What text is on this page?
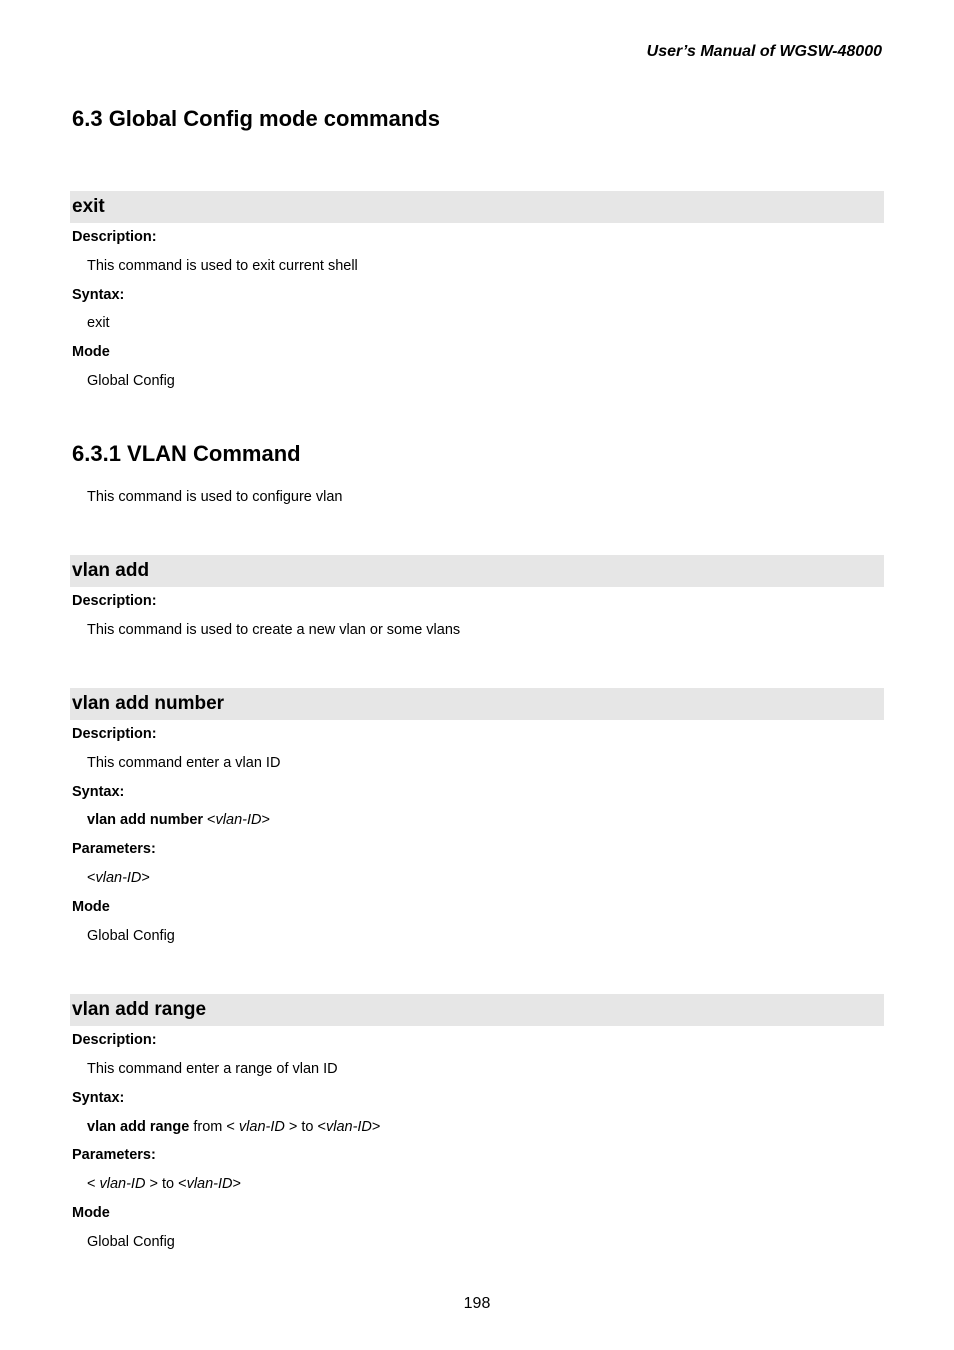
User’s Manual of WGSW-48000

6.3 Global Config mode commands
exit

Description:

This command is used to exit current shell

Syntax:

exit

Mode

Global Config

6.3.1 VLAN Command

This command is used to configure vlan

vlan add

Description:

This command is used to create a new vlan or some vlans

vlan add number

Description:

This command enter a vlan ID

Syntax:

vlan add number <vlan-ID>

Parameters:

<vlan-ID>

Mode

Global Config

vlan add range

Description:

This command enter a range of vlan ID

Syntax:

vlan add range from < vlan-ID > to <vlan-ID>

Parameters:

< vlan-ID > to <vlan-ID>

Mode

Global Config

198
